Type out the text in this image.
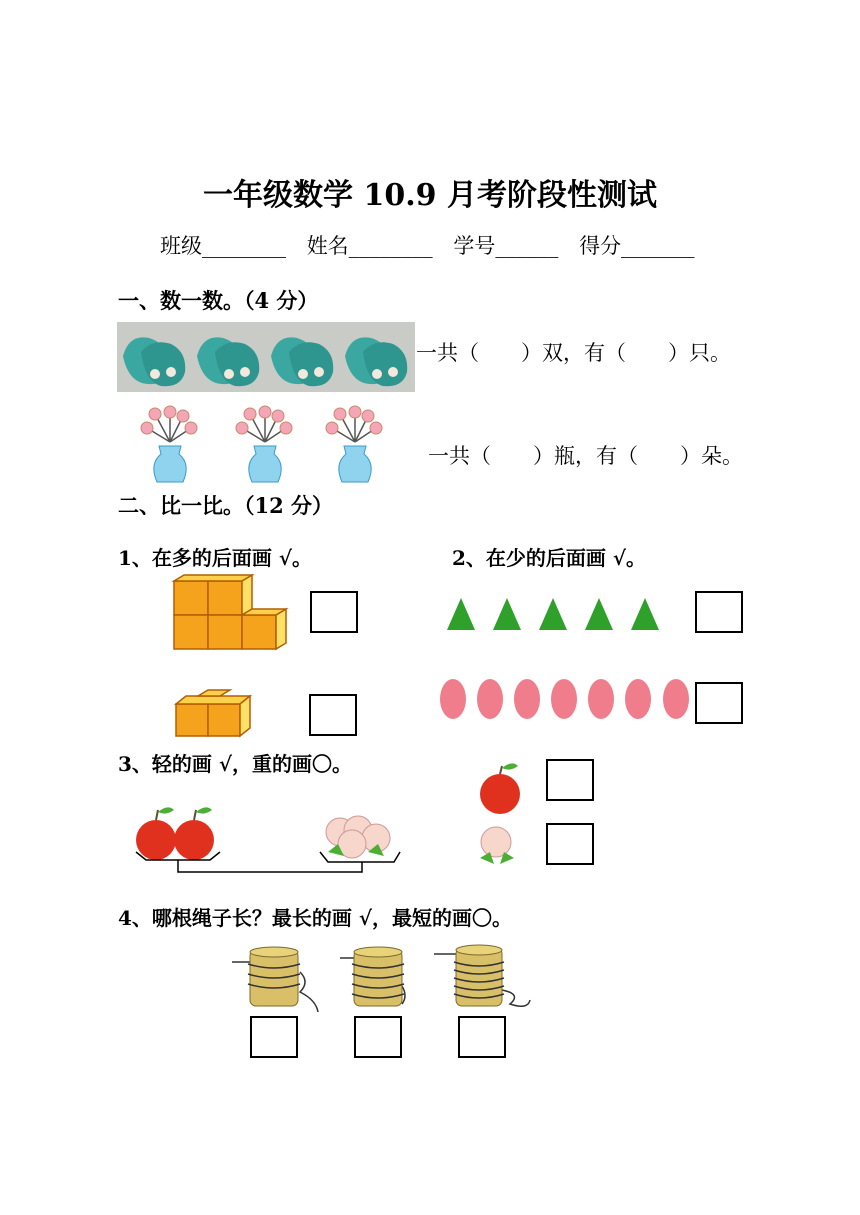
一年级数学 10.9 月考阶段性测试
班级________ 姓名________ 学号______ 得分_______
一、数一数。（4 分）
一共（　　）双，有（　　）只。
一共（　　）瓶，有（　　）朵。
二、比一比。（12 分）
1、在多的后面画 √。	2、在少的后面画 √。
3、轻的画 √，重的画〇。
4、哪根绳子长？最长的画 √，最短的画〇。
